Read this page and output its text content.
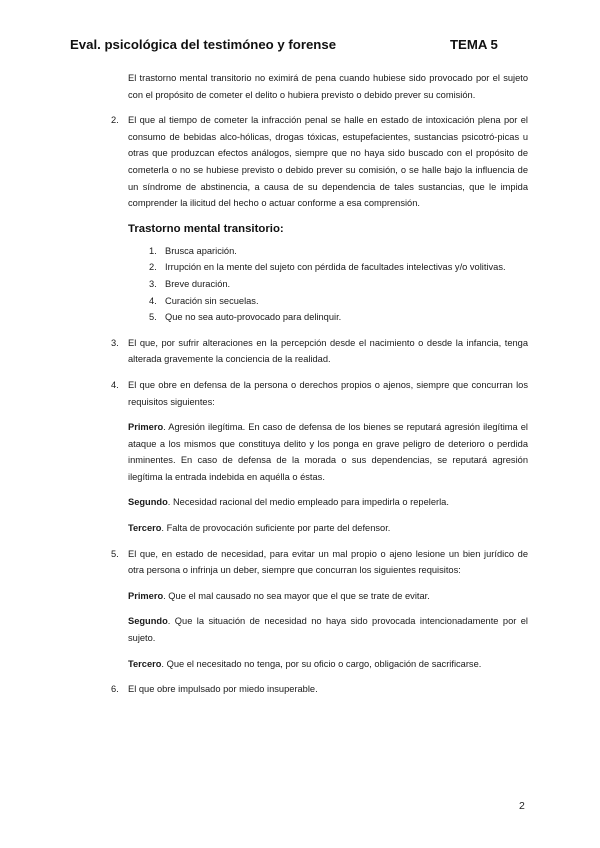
Eval. psicológica del testimóneo y forense	TEMA 5

El trastorno mental transitorio no eximirá de pena cuando hubiese sido provocado por el sujeto con el propósito de cometer el delito o hubiera previsto o debido prever su comisión.

2. El que al tiempo de cometer la infracción penal se halle en estado de intoxicación plena por el consumo de bebidas alco-hólicas, drogas tóxicas, estupefacientes, sustancias psicotró-picas u otras que produzcan efectos análogos, siempre que no haya sido buscado con el propósito de cometerla o no se hubiese previsto o debido prever su comisión, o se halle bajo la influencia de un síndrome de abstinencia, a causa de su dependencia de tales sustancias, que le impida comprender la ilicitud del hecho o actuar conforme a esa comprensión.

Trastorno mental transitorio:
1. Brusca aparición.

2. Irrupción en la mente del sujeto con pérdida de facultades intelectivas y/o volitivas.

3. Breve duración.

4. Curación sin secuelas.

5. Que no sea auto-provocado para delinquir.

3. El que, por sufrir alteraciones en la percepción desde el nacimiento o desde la infancia, tenga alterada gravemente la conciencia de la realidad.

4. El que obre en defensa de la persona o derechos propios o ajenos, siempre que concurran los requisitos siguientes:

Primero. Agresión ilegítima. En caso de defensa de los bienes se reputará agresión ilegítima el ataque a los mismos que constituya delito y los ponga en grave peligro de deterioro o perdida inminentes. En caso de defensa de la morada o sus dependencias, se reputará agresión ilegítima la entrada indebida en aquélla o éstas.

Segundo. Necesidad racional del medio empleado para impedirla o repelerla.

Tercero. Falta de provocación suficiente por parte del defensor.

5. El que, en estado de necesidad, para evitar un mal propio o ajeno lesione un bien jurídico de otra persona o infrinja un deber, siempre que concurran los siguientes requisitos:

Primero. Que el mal causado no sea mayor que el que se trate de evitar.

Segundo. Que la situación de necesidad no haya sido provocada intencionadamente por el sujeto.

Tercero. Que el necesitado no tenga, por su oficio o cargo, obligación de sacrificarse.

6. El que obre impulsado por miedo insuperable.

2
